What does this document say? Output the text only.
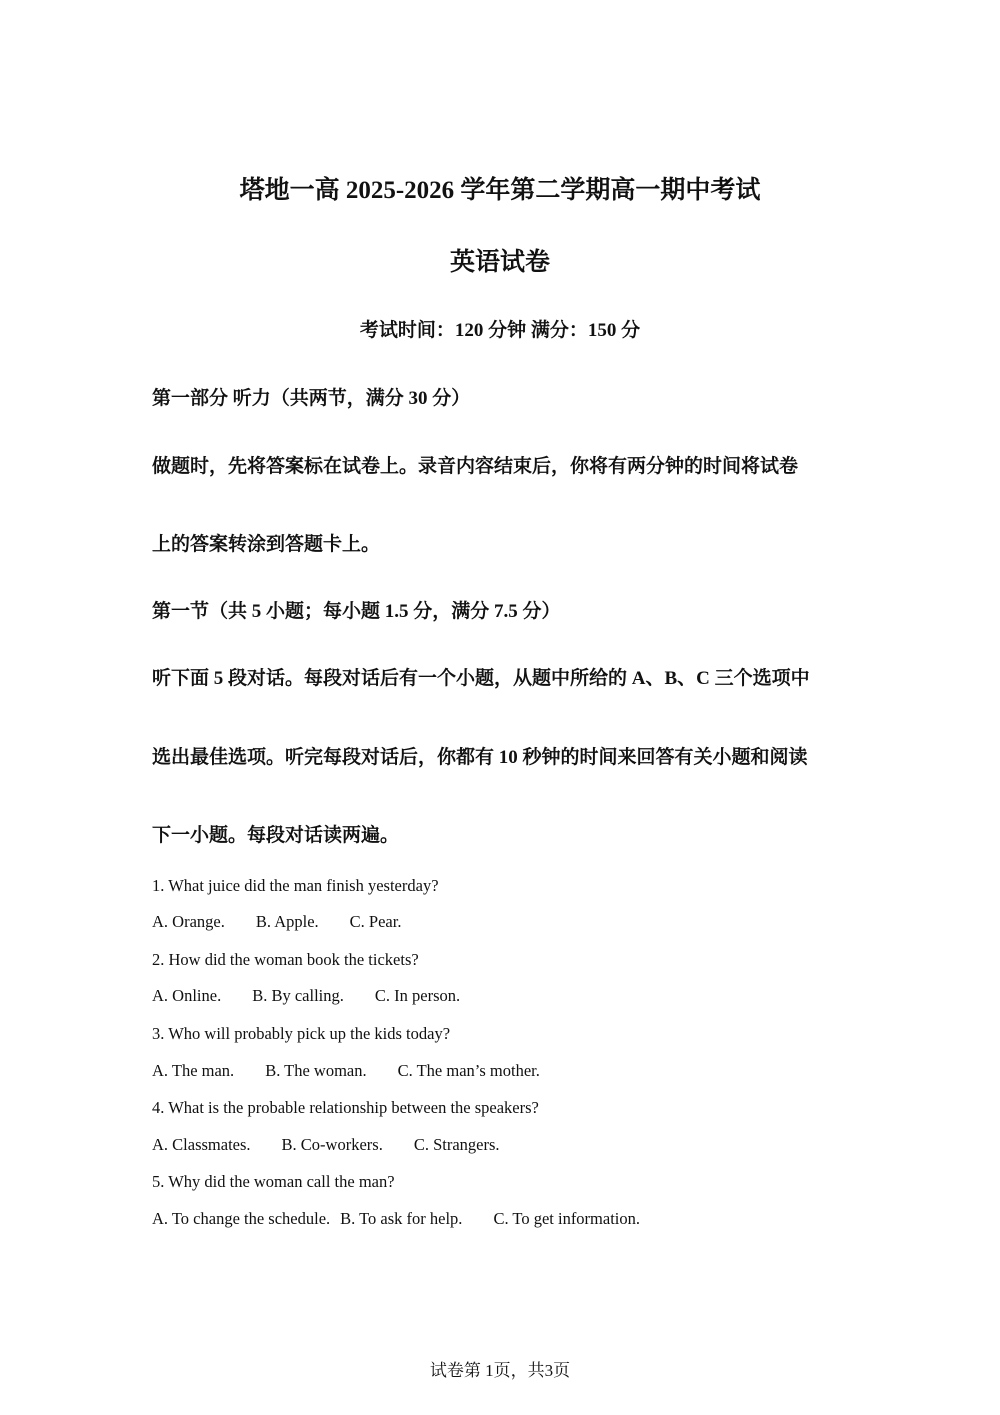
塔地一高 2025-2026 学年第二学期高一期中考试
英语试卷
考试时间：120 分钟 满分：150 分
第一部分 听力（共两节，满分 30 分）
做题时，先将答案标在试卷上。录音内容结束后，你将有两分钟的时间将试卷
上的答案转涂到答题卡上。
第一节（共 5 小题；每小题 1.5 分，满分 7.5 分）
听下面 5 段对话。每段对话后有一个小题，从题中所给的 A、B、C 三个选项中
选出最佳选项。听完每段对话后，你都有 10 秒钟的时间来回答有关小题和阅读
下一小题。每段对话读两遍。
1. What juice did the man finish yesterday?
A. Orange. B. Apple. C. Pear.
2. How did the woman book the tickets?
A. Online. B. By calling. C. In person.
3. Who will probably pick up the kids today?
A. The man. B. The woman. C. The man’s mother.
4. What is the probable relationship between the speakers?
A. Classmates. B. Co-workers. C. Strangers.
5. Why did the woman call the man?
A. To change the schedule. B. To ask for help. C. To get information.
试卷第 1页，共3页
